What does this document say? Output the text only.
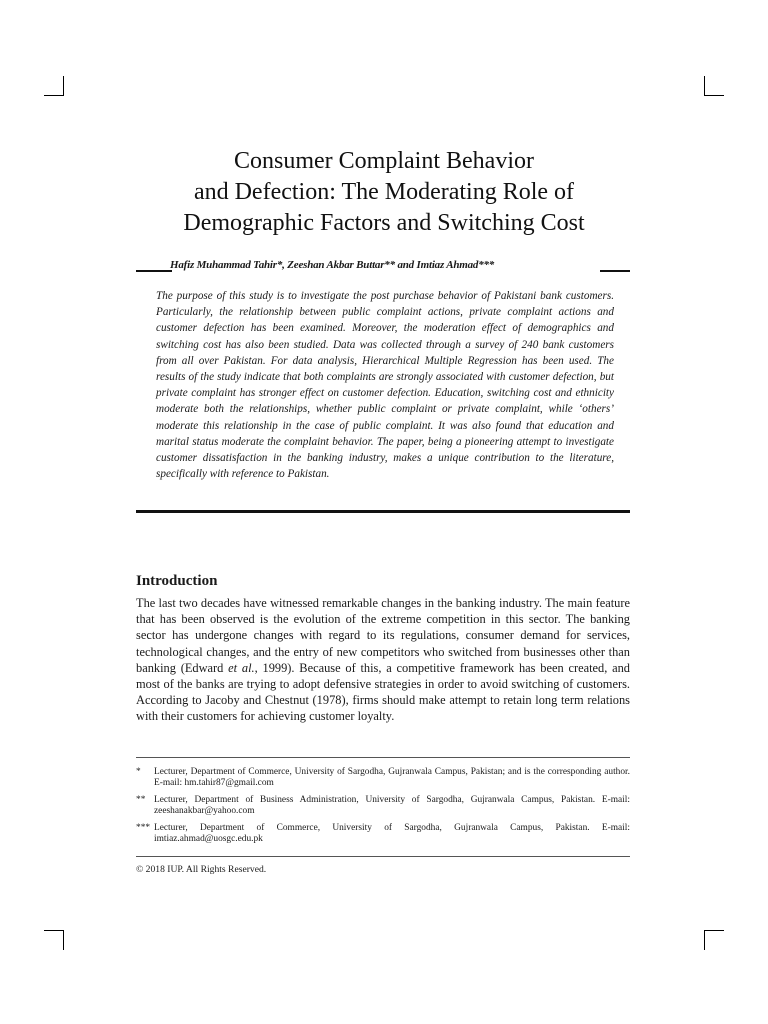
Consumer Complaint Behavior
and Defection: The Moderating Role of
Demographic Factors and Switching Cost
Hafiz Muhammad Tahir*, Zeeshan Akbar Buttar** and Imtiaz Ahmad***
The purpose of this study is to investigate the post purchase behavior of Pakistani bank customers. Particularly, the relationship between public complaint actions, private complaint actions and customer defection has been examined. Moreover, the moderation effect of demographics and switching cost has also been studied. Data was collected through a survey of 240 bank customers from all over Pakistan. For data analysis, Hierarchical Multiple Regression has been used. The results of the study indicate that both complaints are strongly associated with customer defection, but private complaint has stronger effect on customer defection. Education, switching cost and ethnicity moderate both the relationships, whether public complaint or private complaint, while ‘others’ moderate this relationship in the case of public complaint. It was also found that education and marital status moderate the complaint behavior. The paper, being a pioneering attempt to investigate customer dissatisfaction in the banking industry, makes a unique contribution to the literature, specifically with reference to Pakistan.
Introduction
The last two decades have witnessed remarkable changes in the banking industry. The main feature that has been observed is the evolution of the extreme competition in this sector. The banking sector has undergone changes with regard to its regulations, consumer demand for services, technological changes, and the entry of new competitors who switched from businesses other than banking (Edward et al., 1999). Because of this, a competitive framework has been created, and most of the banks are trying to adopt defensive strategies in order to avoid switching of customers. According to Jacoby and Chestnut (1978), firms should make attempt to retain long term relations with their customers for achieving customer loyalty.
*	Lecturer, Department of Commerce, University of Sargodha, Gujranwala Campus, Pakistan; and is the corresponding author. E-mail: hm.tahir87@gmail.com
** Lecturer, Department of Business Administration, University of Sargodha, Gujranwala Campus, Pakistan. E-mail: zeeshanakbar@yahoo.com
*** Lecturer, Department of Commerce, University of Sargodha, Gujranwala Campus, Pakistan. E-mail: imtiaz.ahmad@uosgc.edu.pk
© 2018 IUP. All Rights Reserved.
